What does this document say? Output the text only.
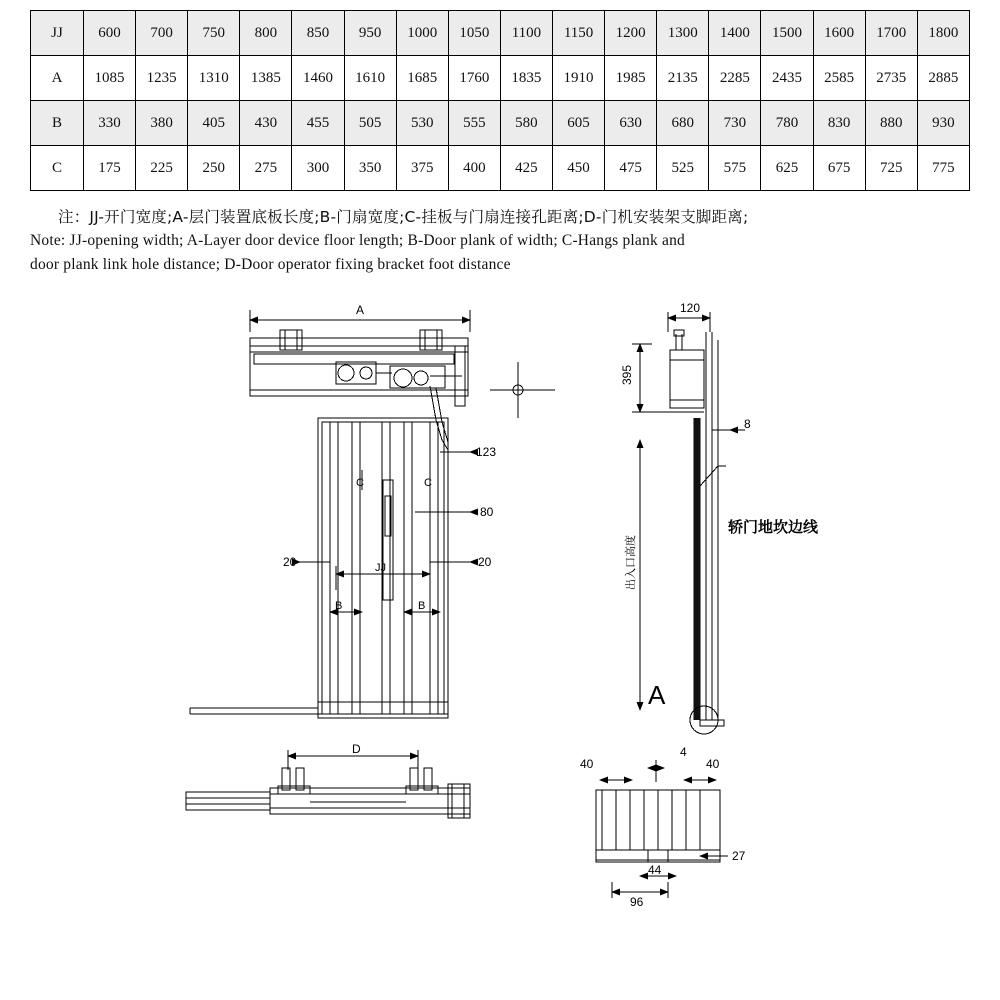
JJ	600	700	750	800	850	950	1000	1050	1100	1150	1200	1300	1400	1500	1600	1700	1800
A	1085	1235	1310	1385	1460	1610	1685	1760	1835	1910	1985	2135	2285	2435	2585	2735	2885
B	330	380	405	430	455	505	530	555	580	605	630	680	730	780	830	880	930
C	175	225	250	275	300	350	375	400	425	450	475	525	575	625	675	725	775
注：JJ-开门宽度;A-层门装置底板长度;B-门扇宽度;C-挂板与门扇连接孔距离;D-门机安装架支脚距离;
Note: JJ-opening width; A-Layer door device floor length; B-Door plank of width; C-Hangs plank and
door plank link hole distance; D-Door operator fixing bracket foot distance
A
JJ
B	B
C	C
123
80
20	20
D
120
395
8
出入口高度
A
轿门地坎边线
4
40	40
27
44
96
